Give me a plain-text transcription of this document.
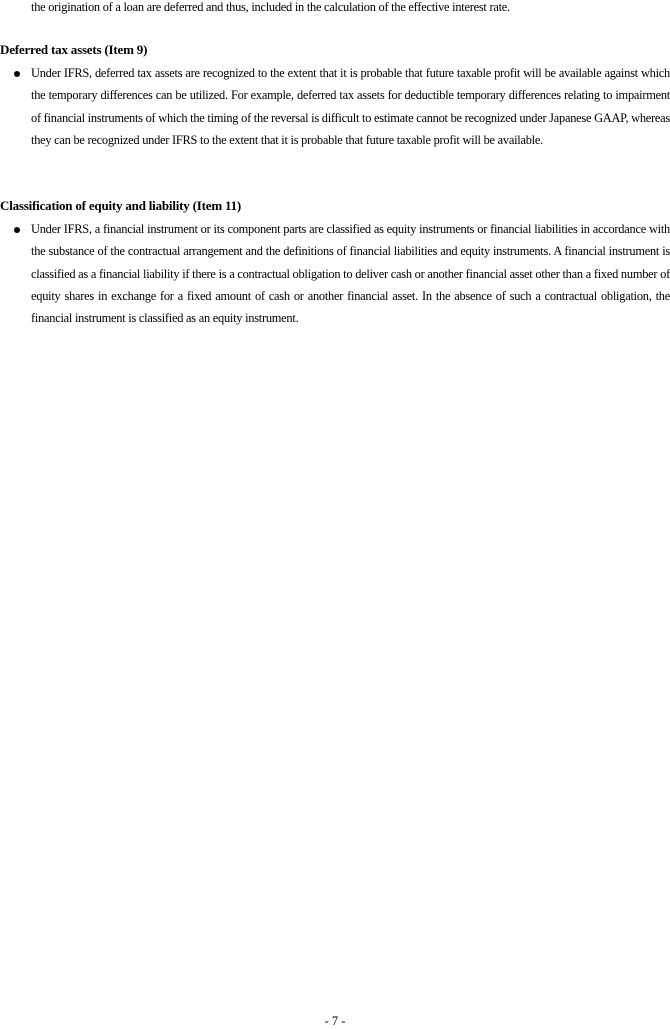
the origination of a loan are deferred and thus, included in the calculation of the effective interest rate.

Deferred tax assets (Item 9)

Under IFRS, deferred tax assets are recognized to the extent that it is probable that future taxable profit will be available against which the temporary differences can be utilized. For example, deferred tax assets for deductible temporary differences relating to impairment of financial instruments of which the timing of the reversal is difficult to estimate cannot be recognized under Japanese GAAP, whereas they can be recognized under IFRS to the extent that it is probable that future taxable profit will be available.

Classification of equity and liability (Item 11)

Under IFRS, a financial instrument or its component parts are classified as equity instruments or financial liabilities in accordance with the substance of the contractual arrangement and the definitions of financial liabilities and equity instruments. A financial instrument is classified as a financial liability if there is a contractual obligation to deliver cash or another financial asset other than a fixed number of equity shares in exchange for a fixed amount of cash or another financial asset. In the absence of such a contractual obligation, the financial instrument is classified as an equity instrument.
- 7 -
